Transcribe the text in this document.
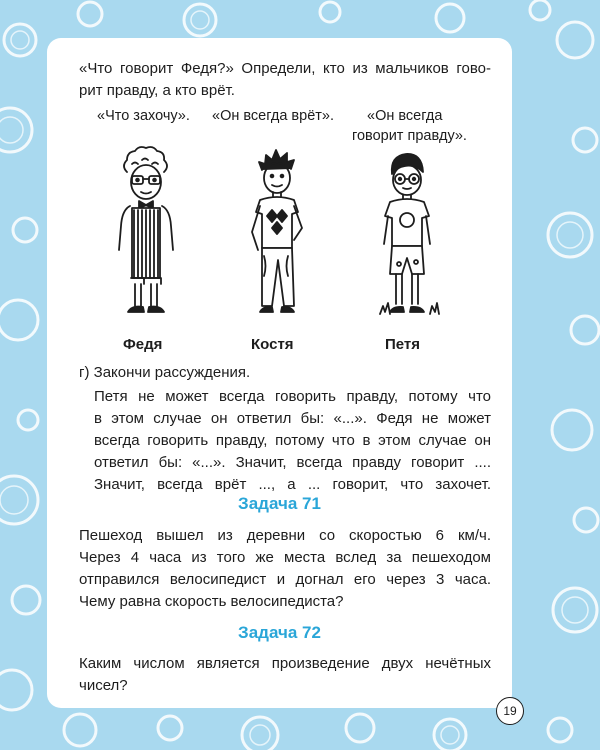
«Что говорит Федя?» Определи, кто из мальчиков гово-
рит правду, а кто врёт.
«Что захочу». «Он всегда врёт». «Он всегда
говорит правду».
Федя	Костя	Петя
г) Закончи рассуждения.
Петя не может всегда говорить правду, потому что
в этом случае он ответил бы: «...». Федя не может
всегда говорить правду, потому что в этом случае он
ответил бы: «...». Значит, всегда правду говорит ....
Значит, всегда врёт ..., а ... говорит, что захочет.
Задача 71
Пешеход вышел из деревни со скоростью 6 км/ч.
Через 4 часа из того же места вслед за пешеходом
отправился велосипедист и догнал его через 3 часа.
Чему равна скорость велосипедиста?
Задача 72
Каким числом является произведение двух нечётных
чисел?
19
